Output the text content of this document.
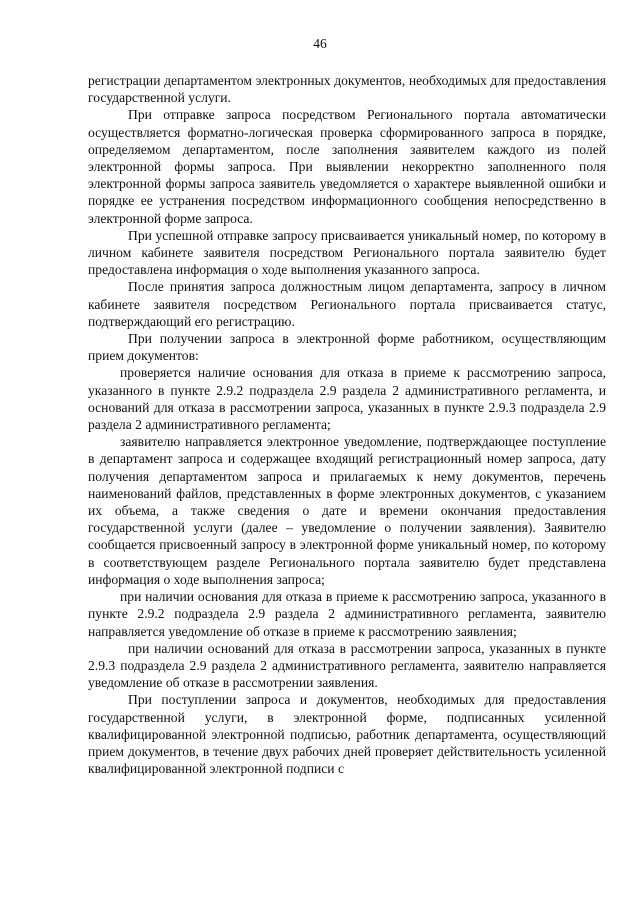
46

регистрации департаментом электронных документов, необходимых для предоставления государственной услуги.

При отправке запроса посредством Регионального портала автоматически осуществляется форматно-логическая проверка сформированного запроса в порядке, определяемом департаментом, после заполнения заявителем каждого из полей электронной формы запроса. При выявлении некорректно заполненного поля электронной формы запроса заявитель уведомляется о характере выявленной ошибки и порядке ее устранения посредством информационного сообщения непосредственно в электронной форме запроса.

При успешной отправке запросу присваивается уникальный номер, по которому в личном кабинете заявителя посредством Регионального портала заявителю будет предоставлена информация о ходе выполнения указанного запроса.

После принятия запроса должностным лицом департамента, запросу в личном кабинете заявителя посредством Регионального портала присваивается статус, подтверждающий его регистрацию.

При получении запроса в электронной форме работником, осуществляющим прием документов:

проверяется наличие основания для отказа в приеме к рассмотрению запроса, указанного в пункте 2.9.2 подраздела 2.9 раздела 2 административного регламента, и оснований для отказа в рассмотрении запроса, указанных в пункте 2.9.3 подраздела 2.9 раздела 2 административного регламента;

заявителю направляется электронное уведомление, подтверждающее поступление в департамент запроса и содержащее входящий регистрационный номер запроса, дату получения департаментом запроса и прилагаемых к нему документов, перечень наименований файлов, представленных в форме электронных документов, с указанием их объема, а также сведения о дате и времени окончания предоставления государственной услуги (далее – уведомление о получении заявления). Заявителю сообщается присвоенный запросу в электронной форме уникальный номер, по которому в соответствующем разделе Регионального портала заявителю будет представлена информация о ходе выполнения запроса;

при наличии основания для отказа в приеме к рассмотрению запроса, указанного в пункте 2.9.2 подраздела 2.9 раздела 2 административного регламента, заявителю направляется уведомление об отказе в приеме к рассмотрению заявления;

при наличии оснований для отказа в рассмотрении запроса, указанных в пункте 2.9.3 подраздела 2.9 раздела 2 административного регламента, заявителю направляется уведомление об отказе в рассмотрении заявления.

При поступлении запроса и документов, необходимых для предоставления государственной услуги, в электронной форме, подписанных усиленной квалифицированной электронной подписью, работник департамента, осуществляющий прием документов, в течение двух рабочих дней проверяет действительность усиленной квалифицированной электронной подписи с
